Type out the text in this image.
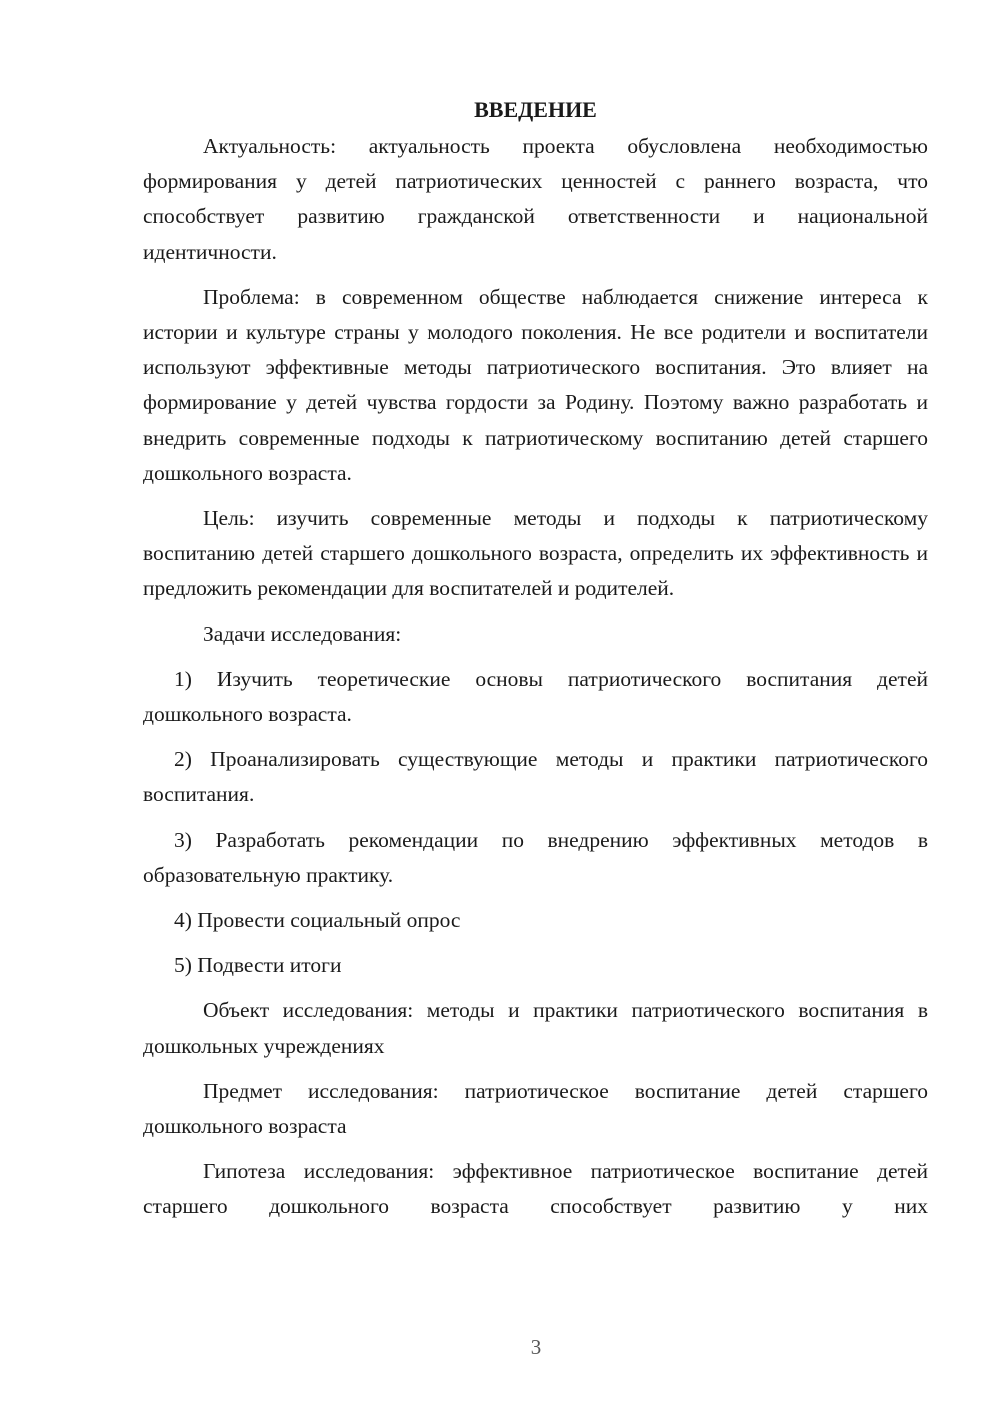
ВВЕДЕНИЕ

Актуальность: актуальность проекта обусловлена необходимостью формирования у детей патриотических ценностей с раннего возраста, что способствует развитию гражданской ответственности и национальной идентичности.

Проблема: в современном обществе наблюдается снижение интереса к истории и культуре страны у молодого поколения. Не все родители и воспитатели используют эффективные методы патриотического воспитания. Это влияет на формирование у детей чувства гордости за Родину. Поэтому важно разработать и внедрить современные подходы к патриотическому воспитанию детей старшего дошкольного возраста.

Цель: изучить современные методы и подходы к патриотическому воспитанию детей старшего дошкольного возраста, определить их эффективность и предложить рекомендации для воспитателей и родителей.

Задачи исследования:

1) Изучить теоретические основы патриотического воспитания детей дошкольного возраста.

2) Проанализировать существующие методы и практики патриотического воспитания.

3) Разработать рекомендации по внедрению эффективных методов в образовательную практику.

4) Провести социальный опрос

5) Подвести итоги

Объект исследования: методы и практики патриотического воспитания в дошкольных учреждениях

Предмет исследования: патриотическое воспитание детей старшего дошкольного возраста

Гипотеза исследования: эффективное патриотическое воспитание детей старшего дошкольного возраста способствует развитию у них

3
